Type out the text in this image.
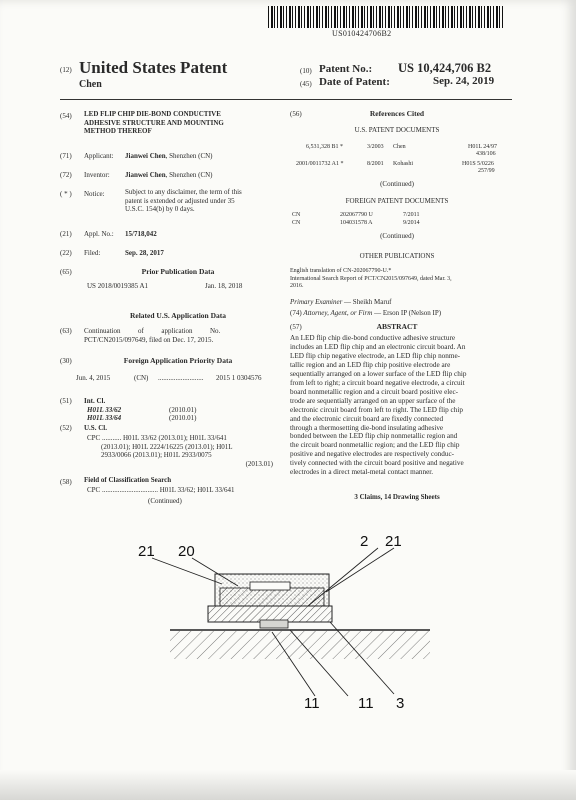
US010424706B2
(12) United States Patent
Chen
(10) Patent No.: US 10,424,706 B2
(45) Date of Patent:	Sep. 24, 2019
(54) LED FLIP CHIP DIE-BOND CONDUCTIVE
ADHESIVE STRUCTURE AND MOUNTING
METHOD THEREOF
(71) Applicant: Jianwei Chen, Shenzhen (CN)
(72) Inventor: Jianwei Chen, Shenzhen (CN)
( * ) Notice:	Subject to any disclaimer, the term of this
patent is extended or adjusted under 35
U.S.C. 154(b) by 0 days.
(21) Appl. No.: 15/718,042
(22) Filed:	Sep. 28, 2017
(65)	Prior Publication Data
US 2018/0019385 A1	Jan. 18, 2018
Related U.S. Application Data
(63) Continuation          of          application          No.
PCT/CN2015/097649, filed on Dec. 17, 2015.
(30)	Foreign Application Priority Data
Jun. 4, 2015	(CN) .......................... 2015 1 0304576
(51) Int. Cl.
H01L 33/62	(2010.01)
H01L 33/64	(2010.01)
(52) U.S. Cl.
CPC ........... H01L 33/62 (2013.01); H01L 33/641
(2013.01); H01L 2224/16225 (2013.01); H01L
2933/0066 (2013.01); H01L 2933/0075
(2013.01)
(58) Field of Classification Search
CPC ................................ H01L 33/62; H01L 33/641
(Continued)
(56)	References Cited
U.S. PATENT DOCUMENTS
6,531,328 B1 *	3/2003 Chen	H01L 24/97
438/106
2001/0011732 A1 *	8/2001 Kohashi	H01S 5/0226
257/99
(Continued)
FOREIGN PATENT DOCUMENTS
CN	202067790 U	7/2011
CN	104031578 A	9/2014
(Continued)
OTHER PUBLICATIONS
English translation of CN-202067790-U.*
International Search Report of PCT/CN2015/097649, dated Mar. 3,
2016.
Primary Examiner — Sheikh Maruf
(74) Attorney, Agent, or Firm — Erson IP (Nelson IP)
(57)	ABSTRACT
An LED flip chip die-bond conductive adhesive structure
includes an LED flip chip and an electronic circuit board. An
LED flip chip negative electrode, an LED flip chip nonme-
tallic region and an LED flip chip positive electrode are
sequentially arranged on a lower surface of the LED flip chip
from left to right; a circuit board negative electrode, a circuit
board nonmetallic region and a circuit board positive elec-
trode are sequentially arranged on an upper surface of the
electronic circuit board from left to right. The LED flip chip
and the electronic circuit board are fixedly connected
through a thermosetting die-bond insulating adhesive
bonded between the LED flip chip nonmetallic region and
the circuit board nonmetallic region; and the LED flip chip
positive and negative electrodes are respectively conduc-
tively connected with the circuit board positive and negative
electrodes in a direct metal-metal contact manner.
3 Claims, 14 Drawing Sheets
21 20
2 21
11	11 3
